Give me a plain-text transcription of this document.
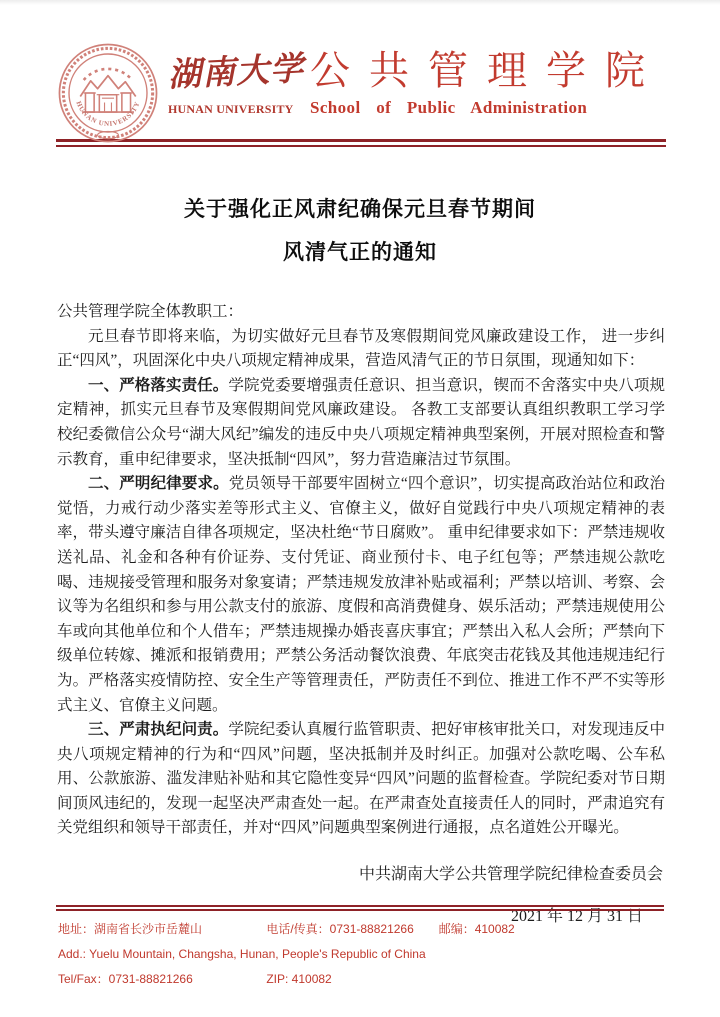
HUNAN UNIVERSITY
湖南大学
HUNAN UNIVERSITY
公共管理学院
School of Public Administration
关于强化正风肃纪确保元旦春节期间
风清气正的通知

公共管理学院全体教职工：

元旦春节即将来临，为切实做好元旦春节及寒假期间党风廉政建设工作， 进一步纠正“四风”，巩固深化中央八项规定精神成果，营造风清气正的节日氛围，现通知如下：

一、严格落实责任。学院党委要增强责任意识、担当意识，锲而不舍落实中央八项规定精神，抓实元旦春节及寒假期间党风廉政建设。 各教工支部要认真组织教职工学习学校纪委微信公众号“湖大风纪”编发的违反中央八项规定精神典型案例，开展对照检查和警示教育，重申纪律要求，坚决抵制“四风”，努力营造廉洁过节氛围。

二、严明纪律要求。党员领导干部要牢固树立“四个意识”，切实提高政治站位和政治觉悟，力戒行动少落实差等形式主义、官僚主义，做好自觉践行中央八项规定精神的表率，带头遵守廉洁自律各项规定，坚决杜绝“节日腐败”。 重申纪律要求如下：严禁违规收送礼品、礼金和各种有价证券、支付凭证、商业预付卡、电子红包等；严禁违规公款吃喝、违规接受管理和服务对象宴请；严禁违规发放津补贴或福利；严禁以培训、考察、会议等为名组织和参与用公款支付的旅游、度假和高消费健身、娱乐活动；严禁违规使用公车或向其他单位和个人借车；严禁违规操办婚丧喜庆事宜；严禁出入私人会所；严禁向下级单位转嫁、摊派和报销费用；严禁公务活动餐饮浪费、年底突击花钱及其他违规违纪行为。严格落实疫情防控、安全生产等管理责任，严防责任不到位、推进工作不严不实等形式主义、官僚主义问题。

三、严肃执纪问责。学院纪委认真履行监管职责、把好审核审批关口，对发现违反中央八项规定精神的行为和“四风”问题，坚决抵制并及时纠正。加强对公款吃喝、公车私用、公款旅游、滥发津贴补贴和其它隐性变异“四风”问题的监督检查。学院纪委对节日期间顶风违纪的，发现一起坚决严肃查处一起。在严肃查处直接责任人的同时，严肃追究有关党组织和领导干部责任，并对“四风”问题典型案例进行通报，点名道姓公开曝光。

中共湖南大学公共管理学院纪律检查委员会

2021 年 12 月 31 日

地址：湖南省长沙市岳麓山	电话/传真：0731-88821266 邮编：410082
Add.: Yuelu Mountain, Changsha, Hunan, People's Republic of China
Tel/Fax：0731-88821266	ZIP: 410082
